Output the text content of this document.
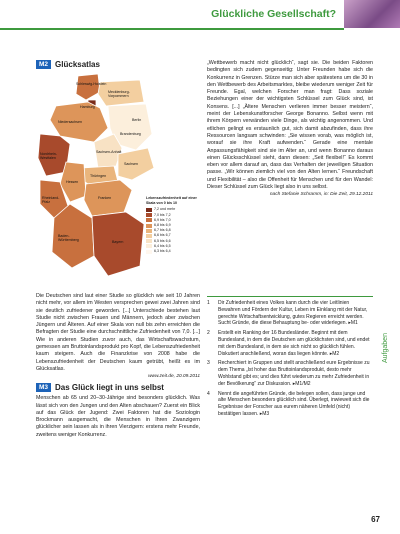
Glückliche Gesellschaft?
M2 Glücksatlas
Schleswig-Holstein
Hamburg
Mecklenburg-Vorpommern
Niedersachsen	Berlin
Brandenburg
Nordrhein-Westfalen
Sachsen-Anhalt
Thüringen
Sachsen
Hessen
Rheinland-Pfalz
Franken
Baden-Württemberg	Bayern
Lebenszufriedenheit auf einer Skala von 0 bis 10
7,2 und mehr
7,0 bis 7,2
6,9 bis 7,0
6,8 bis 6,9
6,7 bis 6,8
6,6 bis 6,7
6,5 bis 6,6
6,4 bis 6,5
6,3 bis 6,4

Die Deutschen sind laut einer Studie so glücklich wie seit 10 Jahren nicht mehr, vor allem im Westen versprechen gewei zwei Jahren sind sie deutlich zufriedener geworden. [...] Unterschiede bestehen laut Studie nicht zwischen Frauen und Männern, jedoch aber zwischen Jüngern und Älteren. Auf einer Skala von null bis zehn erreichten die Befragten der Studie eine durchschnittliche Zufriedenheit von 7,0. [...] Wie in anderen Studien zuvor auch, das Wirtschaftswachstum, gemessen am Bruttoinlandsprodukt pro Kopf, die Lebenszufriedenheit kaum steigern. Auch die Finanzkrise von 2008 habe die Lebenszufriedenheit der Deutschen kaum getrübt, heißt es im Glücksatlas.

www.zeit.de, 20.09.2011
M3 Das Glück liegt in uns selbst

Menschen ab 65 und 20–30-Jährige sind besonders glücklich. Was lässt sich von den Jungen und den Alten abschauen? Zuerst ein Blick auf das Glück der Jugend: Zwei Faktoren hat die Soziologin Brockmann ausgemacht, die Menschen in Ihren Zwanzigern glücklicher sein lassen als in ihren Vierzigern: erstens mehr Freunde, zweitens weniger Konkurrenz.

„Wettbewerb macht nicht glücklich“, sagt sie. Die beiden Faktoren bedingten sich zudem gegenseitig: Unter Freunden habe sich die Konkurrenz in Grenzen. Stürze man sich aber spätestens um die 30 in den Wettbewerb des Arbeitsmarktes, bleibe wiederum weniger Zeit für Freunde. Egal, welchen Forscher man fragt: Dass soziale Beziehungen einer der wichtigsten Schlüssel zum Glück sind, ist Konsens. [...] „Ältere Menschen verlieren immer besser meistern“, meint der Lebenskunstforscher George Bonanno. Selbst wenn mit ihrem Körpern verwänden viele Dinge, als wichtig angenommen. Und etlichen gelingt es erstaunlich gut, sich damit abzufinden, dass ihre Ressourcen langsam schwinden: „Sie wissen vorab, was möglich ist, worauf sie ihre Kraft aufwenden.“ Gerade eine mentale Anpassungsfähigkeit sind sie im Alter an, und wenn Bonanno daraus einen Glücksschlüssel sieht, dann diesen: „Seit flexibel!“ Es kommt eben vor allem darauf an, dass das Verhalten der jeweiligen Situation passe. „Wir können ziemlich viel von den Alten lernen.“ Freundschaft und Flexibilität – also die Offenheit für Menschen und für den Wandel: Dieser Schlüssel zum Glück liegt also in uns selbst.

nach Stefanie Schramm, in: Die Zeit, 29.12.2011
1	Dir Zufriedenheit eines Volkes kann durch die vier Leitlinien Bewahren und Fördern der Kultur, Leben im Einklang mit der Natur, gerechte Wirtschaftsentwicklung, gutes Regieren erreicht werden. Sucht Gründe, die diese Behauptung be- oder widerlegen. ▸M1
2	Erstellt ein Ranking der 16 Bundesländer. Beginnt mit dem Bundesland, in dem die Deutschen am glücklichsten sind, und endet mit dem Bundesland, in dem sie sich nicht so glücklich fühlen. Diskutiert anschließend, woran das liegen könnte. ▸M2
3	Recherchiert in Gruppen und stellt anschließend eure Ergebnisse zu dem Thema „Ist hoher das Bruttoinlandsprodukt, desto mehr Wohlstand gibt es; und dies führt wiederum zu mehr Zufriedenheit in der Bevölkerung“ zur Diskussion. ▸M1/M2
4	Nennt die angeführten Gründe, die belegen sollen, dass junge und alte Menschen besonders glücklich sind. Überlegt, inwieweit sich die Ergebnisse der Forscher aus eurem näheren Umfeld (nicht) bestätigen lassen. ▸M3
Aufgaben
67
